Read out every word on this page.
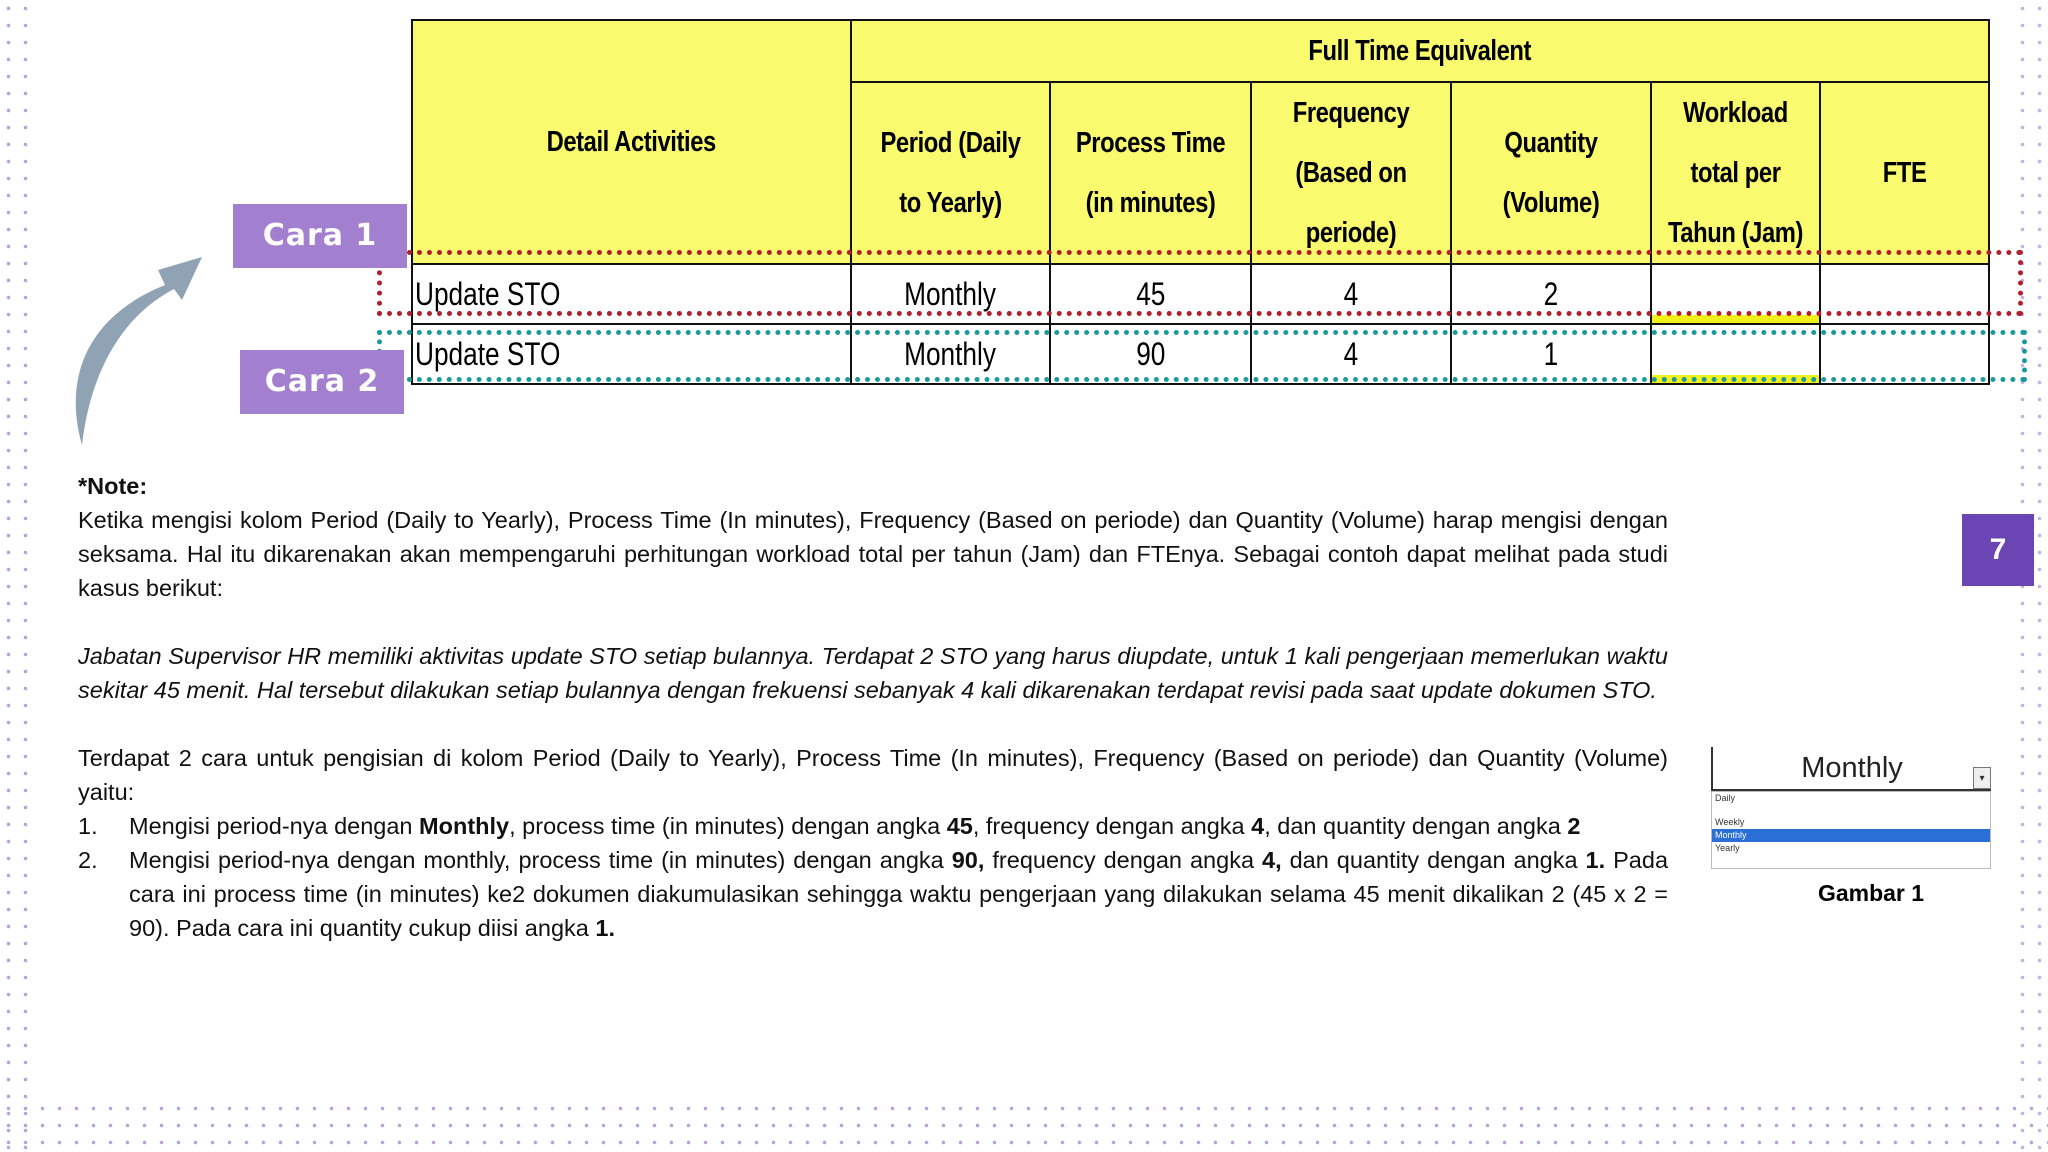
Detail Activities	Full Time Equivalent					
	Period (Daily to Yearly)	Process Time (in minutes)	Frequency (Based on periode)	Quantity (Volume)	Workload total per Tahun (Jam)	FTE
Update STO	Monthly	45	4	2	

Update STO	Monthly	90	4	1	

Cara 1
Cara 2
7

*Note:

Ketika mengisi kolom Period (Daily to Yearly), Process Time (In minutes), Frequency (Based on periode) dan Quantity (Volume) harap mengisi dengan seksama. Hal itu dikarenakan akan mempengaruhi perhitungan workload total per tahun (Jam) dan FTEnya. Sebagai contoh dapat melihat pada studi kasus berikut:

Jabatan Supervisor HR memiliki aktivitas update STO setiap bulannya. Terdapat 2 STO yang harus diupdate, untuk 1 kali pengerjaan memerlukan waktu sekitar 45 menit. Hal tersebut dilakukan setiap bulannya dengan frekuensi sebanyak 4 kali dikarenakan terdapat revisi pada saat update dokumen STO.

Terdapat 2 cara untuk pengisian di kolom Period (Daily to Yearly), Process Time (In minutes), Frequency (Based on periode) dan Quantity (Volume) yaitu:

1. Mengisi period-nya dengan Monthly, process time (in minutes) dengan angka 45, frequency dengan angka 4, dan quantity dengan angka 2
2. Mengisi period-nya dengan monthly, process time (in minutes) dengan angka 90, frequency dengan angka 4, dan quantity dengan angka 1. Pada cara ini process time (in minutes) ke2 dokumen diakumulasikan sehingga waktu pengerjaan yang dilakukan selama 45 menit dikalikan 2 (45 x 2 = 90). Pada cara ini quantity cukup diisi angka 1.
Monthly	▾
Daily
Weekly
Monthly
Yearly
Gambar 1
